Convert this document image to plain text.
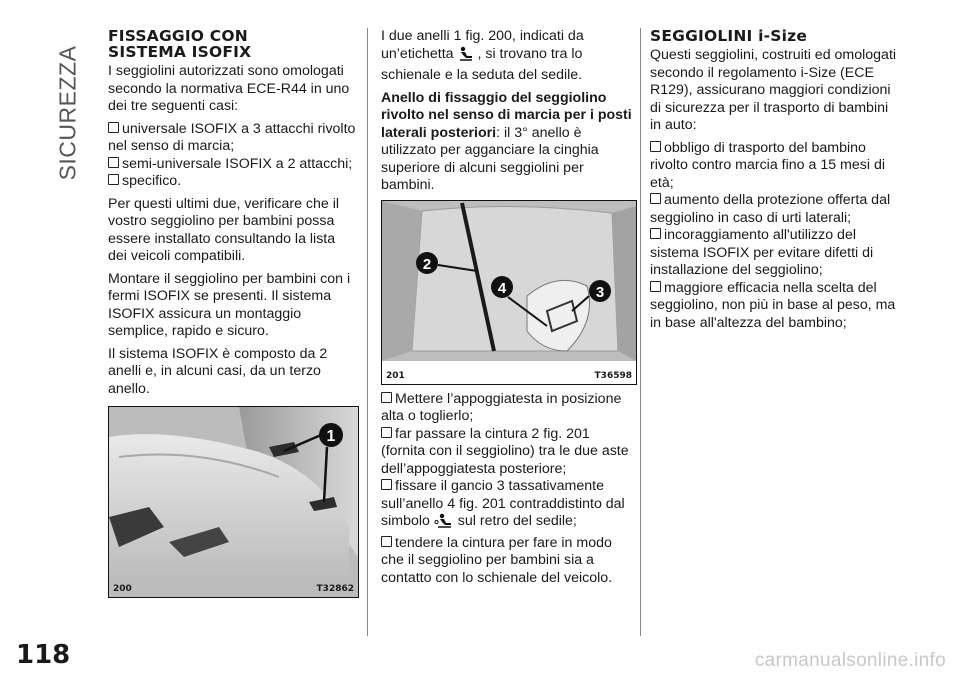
SICUREZZA
FISSAGGIO CON
SISTEMA ISOFIX

I seggiolini autorizzati sono omologati secondo la normativa ECE-R44 in uno dei tre seguenti casi:

universale ISOFIX a 3 attacchi rivolto nel senso di marcia;
semi-universale ISOFIX a 2 attacchi;
specifico.

Per questi ultimi due, verificare che il vostro seggiolino per bambini possa essere installato consultando la lista dei veicoli compatibili.

Montare il seggiolino per bambini con i fermi ISOFIX se presenti. Il sistema ISOFIX assicura un montaggio semplice, rapido e sicuro.

Il sistema ISOFIX è composto da 2 anelli e, in alcuni casi, da un terzo anello.

1
200	T32862

I due anelli 1 fig. 200, indicati da un’etichetta , si trovano tra lo schienale e la seduta del sedile.

Anello di fissaggio del seggiolino rivolto nel senso di marcia per i posti laterali posteriori: il 3° anello è utilizzato per agganciare la cinghia superiore di alcuni seggiolini per bambini.

2
4	3
201	T36598

Mettere l’appoggiatesta in posizione alta o toglierlo;
far passare la cintura 2 fig. 201 (fornita con il seggiolino) tra le due aste dell’appoggiatesta posteriore;
fissare il gancio 3 tassativamente sull’anello 4 fig. 201 contraddistinto dal simbolo sul retro del sedile;
tendere la cintura per fare in modo che il seggiolino per bambini sia a contatto con lo schienale del veicolo.

SEGGIOLINI i-Size

Questi seggiolini, costruiti ed omologati secondo il regolamento i-Size (ECE R129), assicurano maggiori condizioni di sicurezza per il trasporto di bambini in auto:

obbligo di trasporto del bambino rivolto contro marcia fino a 15 mesi di età;
aumento della protezione offerta dal seggiolino in caso di urti laterali;
incoraggiamento all'utilizzo del sistema ISOFIX per evitare difetti di installazione del seggiolino;
maggiore efficacia nella scelta del seggiolino, non più in base al peso, ma in base all'altezza del bambino;

118	carmanualsonline.info
